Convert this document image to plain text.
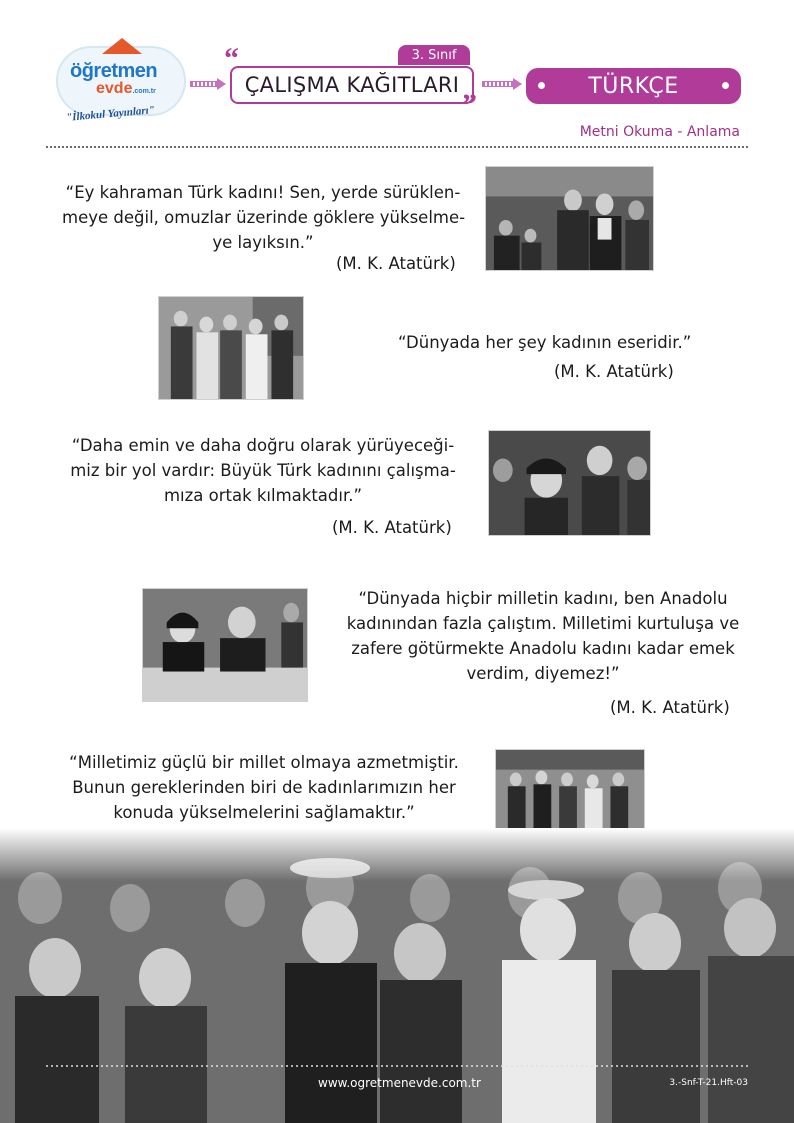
öğretmen
evde.com.tr
"İlkokul Yayınları"
3. Sınıf
“
ÇALIŞMA KAĞITLARI
”
TÜRKÇE
Metni Okuma - Anlama

“Ey kahraman Türk kadını! Sen, yerde sürüklen-

meye değil, omuzlar üzerinde göklere yükselme-

ye layıksın.”

(M. K. Atatürk)

“Dünyada her şey kadının eseridir.”

(M. K. Atatürk)

“Daha emin ve daha doğru olarak yürüyeceği-

miz bir yol vardır: Büyük Türk kadınını çalışma-

mıza ortak kılmaktadır.”

(M. K. Atatürk)

“Dünyada hiçbir milletin kadını, ben Anadolu

kadınından fazla çalıştım. Milletimi kurtuluşa ve

zafere götürmekte Anadolu kadını kadar emek

verdim, diyemez!”

(M. K. Atatürk)

“Milletimiz güçlü bir millet olmaya azmetmiştir.

Bunun gereklerinden biri de kadınlarımızın her

konuda yükselmelerini sağlamaktır.”

www.ogretmenevde.com.tr	3.-Snf-T-21.Hft-03
